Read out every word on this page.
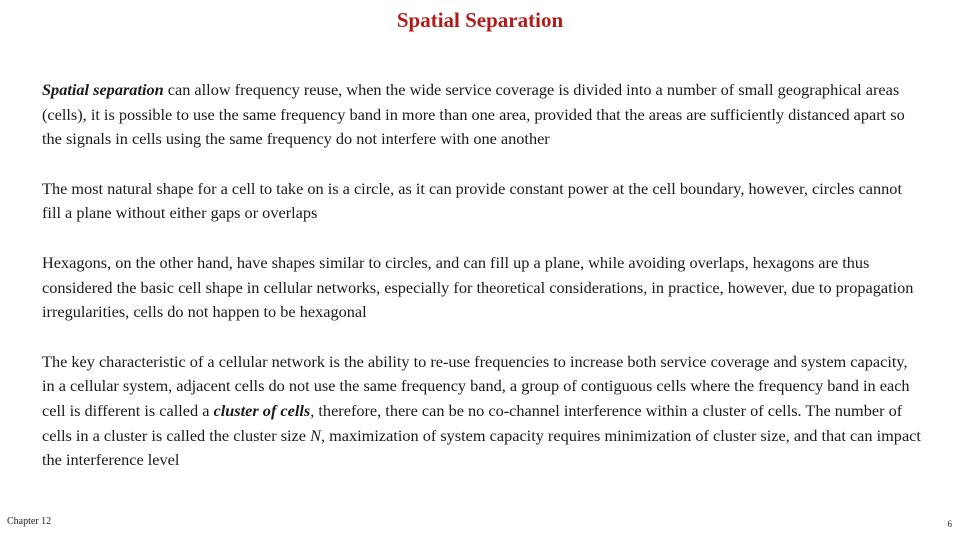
Spatial Separation

Spatial separation can allow frequency reuse, when the wide service coverage is divided into a number of small geographical areas (cells), it is possible to use the same frequency band in more than one area, provided that the areas are sufficiently distanced apart so the signals in cells using the same frequency do not interfere with one another

The most natural shape for a cell to take on is a circle, as it can provide constant power at the cell boundary, however, circles cannot fill a plane without either gaps or overlaps

Hexagons, on the other hand, have shapes similar to circles, and can fill up a plane, while avoiding overlaps, hexagons are thus considered the basic cell shape in cellular networks, especially for theoretical considerations, in practice, however, due to propagation irregularities, cells do not happen to be hexagonal

The key characteristic of a cellular network is the ability to re-use frequencies to increase both service coverage and system capacity, in a cellular system, adjacent cells do not use the same frequency band, a group of contiguous cells where the frequency band in each cell is different is called a cluster of cells, therefore, there can be no co-channel interference within a cluster of cells. The number of cells in a cluster is called the cluster size N, maximization of system capacity requires minimization of cluster size, and that can impact the interference level

Chapter 12	6
